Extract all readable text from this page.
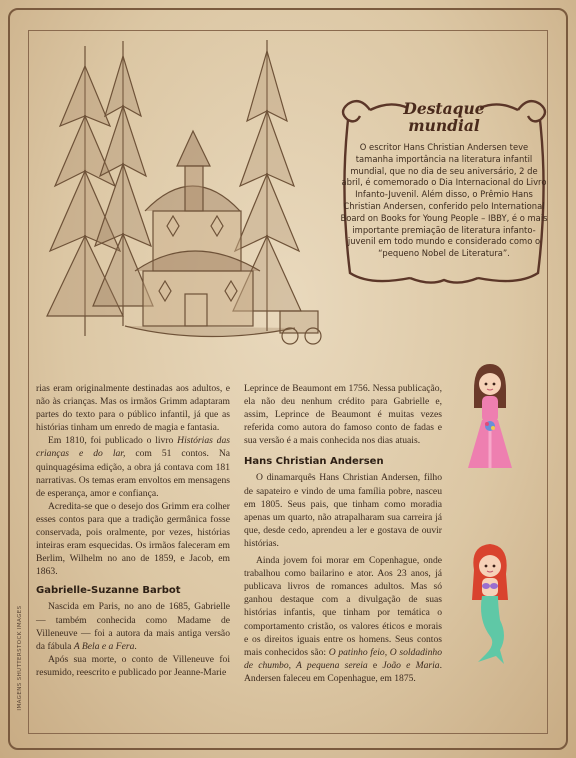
Destaque
mundial
O escritor Hans Christian Andersen teve tamanha importância na literatura infantil mundial, que no dia de seu aniversário, 2 de abril, é comemorado o Dia Internacional do Livro Infanto-Juvenil. Além disso, o Prêmio Hans Christian Andersen, conferido pelo International Board on Books for Young People – IBBY, é o mais importante premiação de literatura infanto-juvenil em todo mundo e considerado como o “pequeno Nobel de Literatura”.

rias eram originalmente destinadas aos adultos, e não às crianças. Mas os irmãos Grimm adaptaram partes do texto para o público infantil, já que as histórias tinham um enredo de magia e fantasia.

Em 1810, foi publicado o livro Histórias das crianças e do lar, com 51 contos. Na quinquagésima edição, a obra já contava com 181 narrativas. Os temas eram envoltos em mensagens de esperança, amor e confiança.

Acredita-se que o desejo dos Grimm era colher esses contos para que a tradição germânica fosse conservada, pois oralmente, por vezes, histórias inteiras eram esquecidas. Os irmãos faleceram em Berlim, Wilhelm no ano de 1859, e Jacob, em 1863.

Gabrielle-Suzanne Barbot

Nascida em Paris, no ano de 1685, Gabrielle — também conhecida como Madame de Villeneuve — foi a autora da mais antiga versão da fábula A Bela e a Fera.

Após sua morte, o conto de Villeneuve foi resumido, reescrito e publicado por Jeanne-Marie

Leprince de Beaumont em 1756. Nessa publicação, ela não deu nenhum crédito para Gabrielle e, assim, Leprince de Beaumont é muitas vezes referida como autora do famoso conto de fadas e sua versão é a mais conhecida nos dias atuais.

Hans Christian Andersen

O dinamarquês Hans Christian Andersen, filho de sapateiro e vindo de uma família pobre, nasceu em 1805. Seus pais, que tinham como moradia apenas um quarto, não atrapalharam sua carreira já que, desde cedo, aprendeu a ler e gostava de ouvir histórias.

Ainda jovem foi morar em Copenhague, onde trabalhou como bailarino e ator. Aos 23 anos, já publicava livros de romances adultos. Mas só ganhou destaque com a divulgação de suas histórias infantis, que tinham por temática o comportamento cristão, os valores éticos e morais e os direitos iguais entre os homens. Seus contos mais conhecidos são: O patinho feio, O soldadinho de chumbo, A pequena sereia e João e Maria. Andersen faleceu em Copenhague, em 1875.

IMAGENS SHUTTERSTOCK IMAGES
